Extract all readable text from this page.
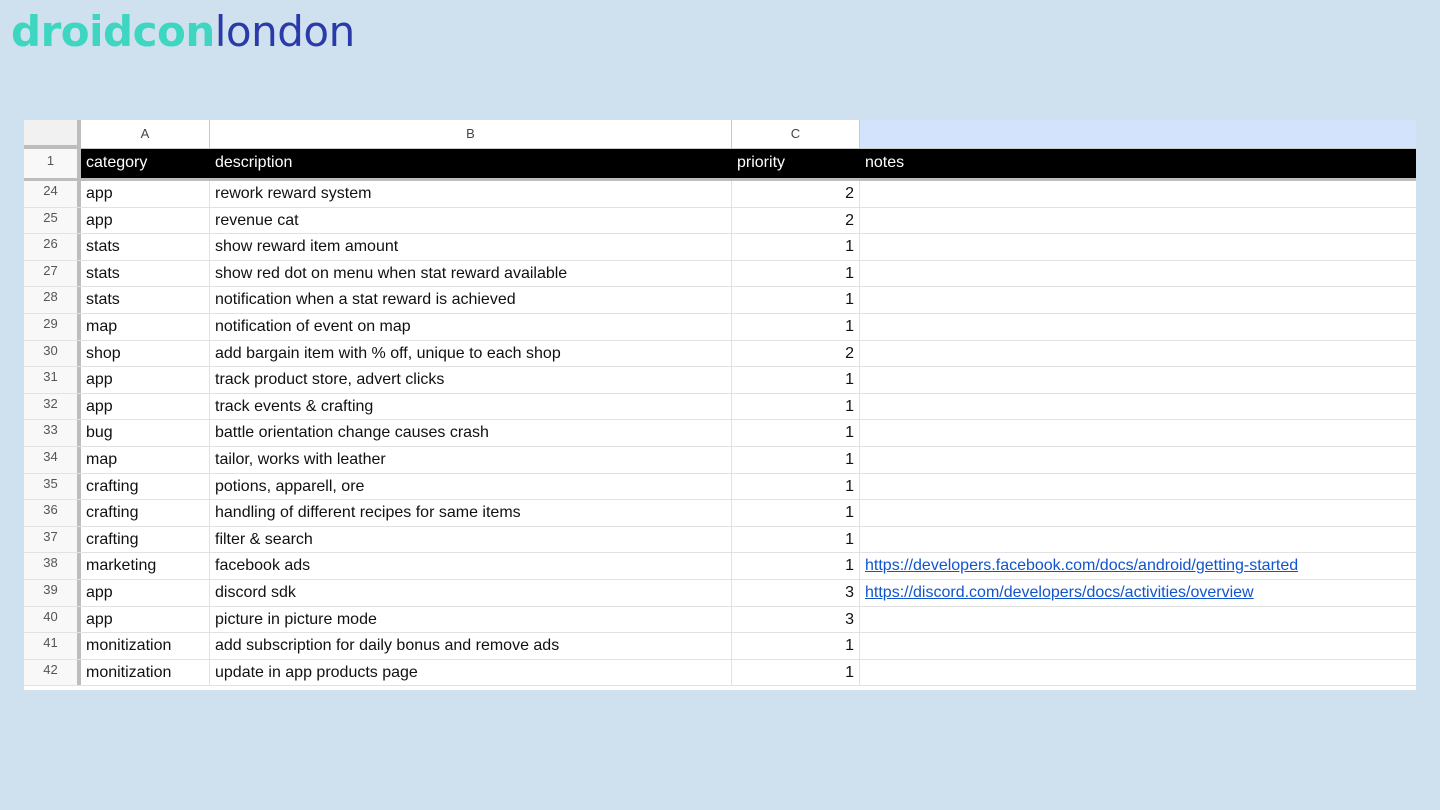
droidconlondon
A	B	C
1	category	description	priority	notes
24	app	rework reward system	2
25	app	revenue cat	2
26	stats	show reward item amount	1
27	stats	show red dot on menu when stat reward available	1
28	stats	notification when a stat reward is achieved	1
29	map	notification of event on map	1
30	shop	add bargain item with % off, unique to each shop	2
31	app	track product store, advert clicks	1
32	app	track events & crafting	1
33	bug	battle orientation change causes crash	1
34	map	tailor, works with leather	1
35	crafting	potions, apparell, ore	1
36	crafting	handling of different recipes for same items	1
37	crafting	filter & search	1
38	marketing	facebook ads	1 https://developers.facebook.com/docs/android/getting-started
39	app	discord sdk	3 https://discord.com/developers/docs/activities/overview
40	app	picture in picture mode	3
41	monitization	add subscription for daily bonus and remove ads	1
42	monitization	update in app products page	1
